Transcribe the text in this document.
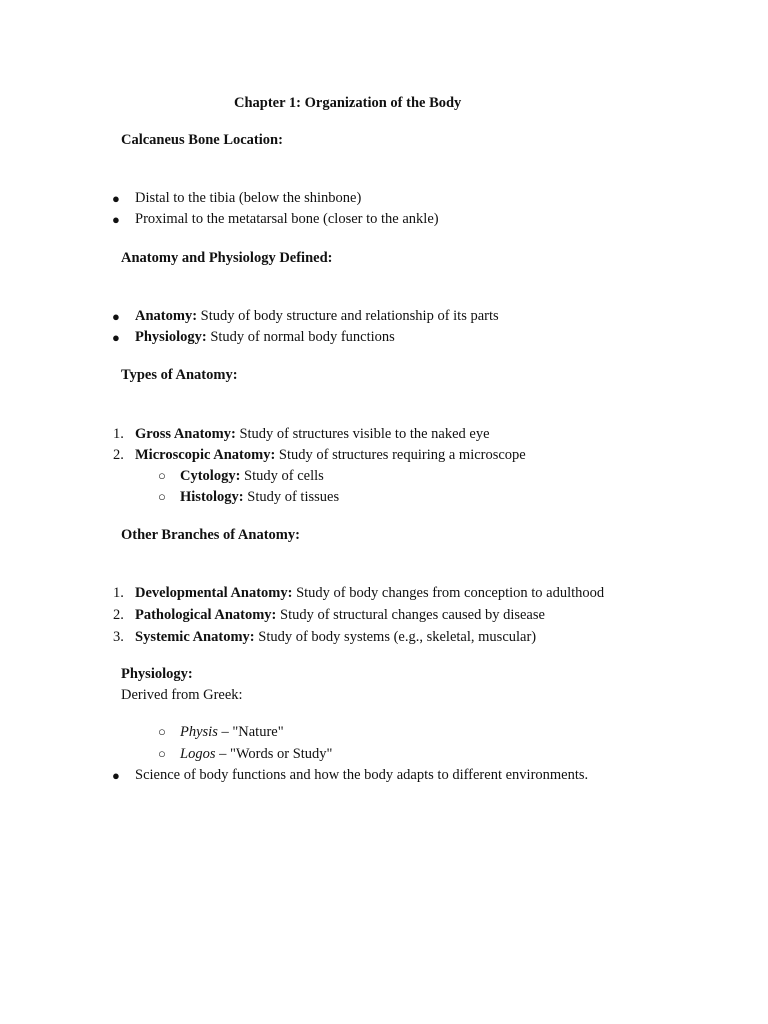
Chapter 1: Organization of the Body
Calcaneus Bone Location:
● Distal to the tibia (below the shinbone)
● Proximal to the metatarsal bone (closer to the ankle)
Anatomy and Physiology Defined:
● Anatomy: Study of body structure and relationship of its parts
● Physiology: Study of normal body functions
Types of Anatomy:
1. Gross Anatomy: Study of structures visible to the naked eye
2. Microscopic Anatomy: Study of structures requiring a microscope
○ Cytology: Study of cells
○ Histology: Study of tissues
Other Branches of Anatomy:
1. Developmental Anatomy: Study of body changes from conception to adulthood
2. Pathological Anatomy: Study of structural changes caused by disease
3. Systemic Anatomy: Study of body systems (e.g., skeletal, muscular)
Physiology:
Derived from Greek:
○ Physis – "Nature"
○ Logos – "Words or Study"
● Science of body functions and how the body adapts to different environments.
